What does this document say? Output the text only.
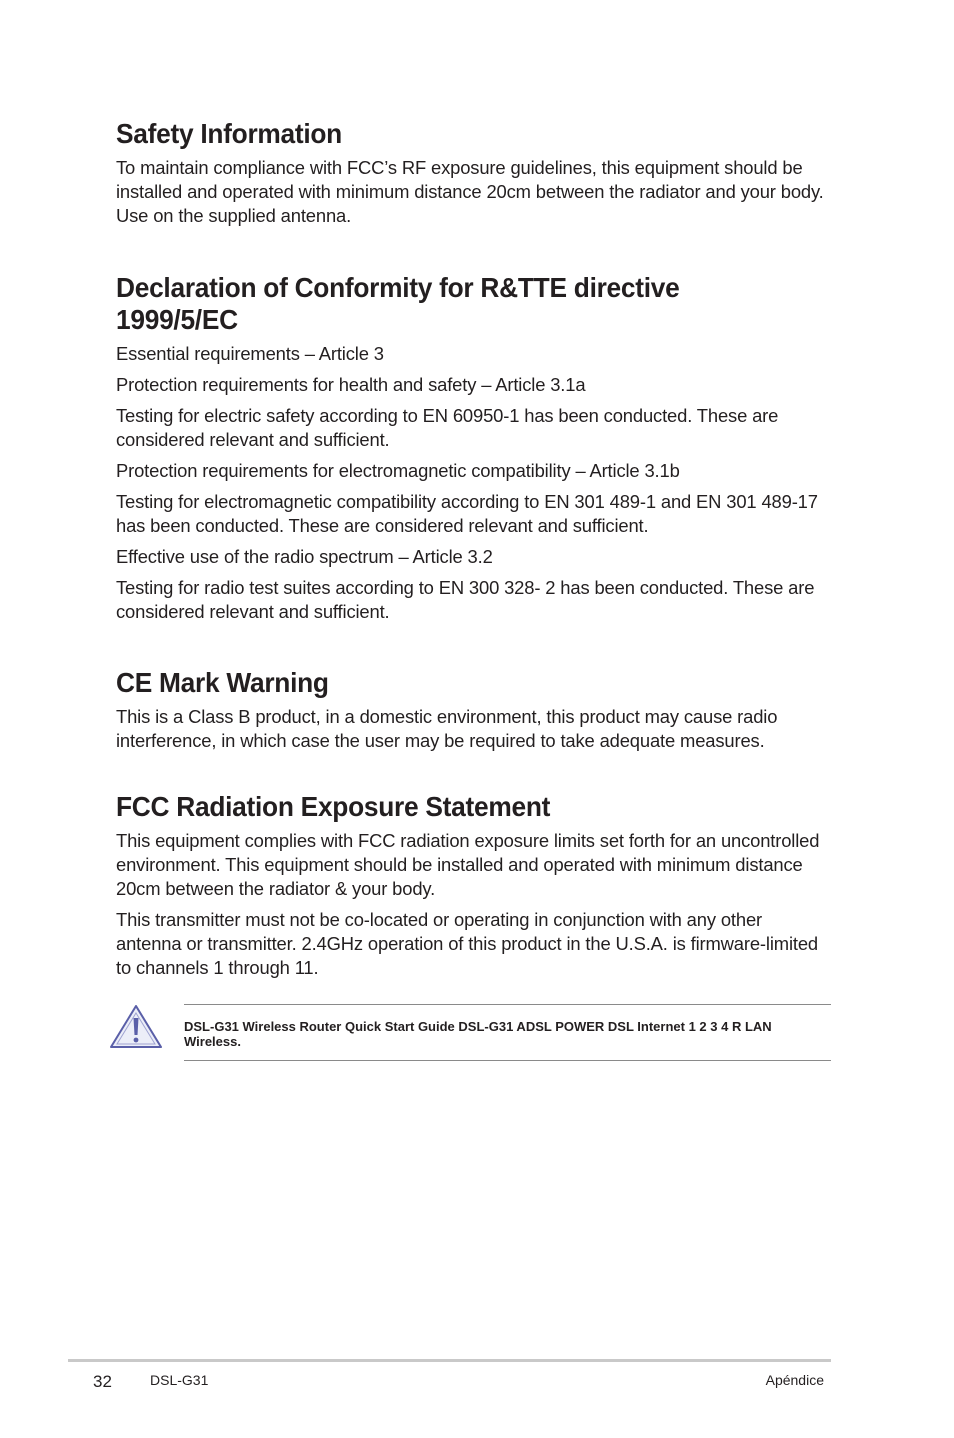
Safety Information

To maintain compliance with FCC’s RF exposure guidelines, this equipment should be installed and operated with minimum distance 20cm between the radiator and your body. Use on the supplied antenna.

Declaration of Conformity for R&TTE directive
1999/5/EC

Essential requirements – Article 3

Protection requirements for health and safety – Article 3.1a

Testing for electric safety according to EN 60950-1 has been conducted. These are considered relevant and sufficient.

Protection requirements for electromagnetic compatibility – Article 3.1b

Testing for electromagnetic compatibility according to EN 301 489-1 and EN 301 489-17 has been conducted. These are considered relevant and sufficient.

Effective use of the radio spectrum – Article 3.2

Testing for radio test suites according to EN 300 328- 2 has been conducted. These are considered relevant and sufficient.

CE Mark Warning

This is a Class B product, in a domestic environment, this product may cause radio interference, in which case the user may be required to take adequate measures.

FCC Radiation Exposure Statement

This equipment complies with FCC radiation exposure limits set forth for an uncontrolled environment. This equipment should be installed and operated with minimum distance 20cm between the radiator & your body.

This transmitter must not be co-located or operating in conjunction with any other antenna or transmitter. 2.4GHz operation of this product in the U.S.A. is firmware-limited to channels 1 through 11.

DSL-G31 Wireless Router Quick Start Guide DSL-G31 ADSL POWER DSL Internet 1 2 3 4 R LAN Wireless.
32	DSL-G31	Apéndice
